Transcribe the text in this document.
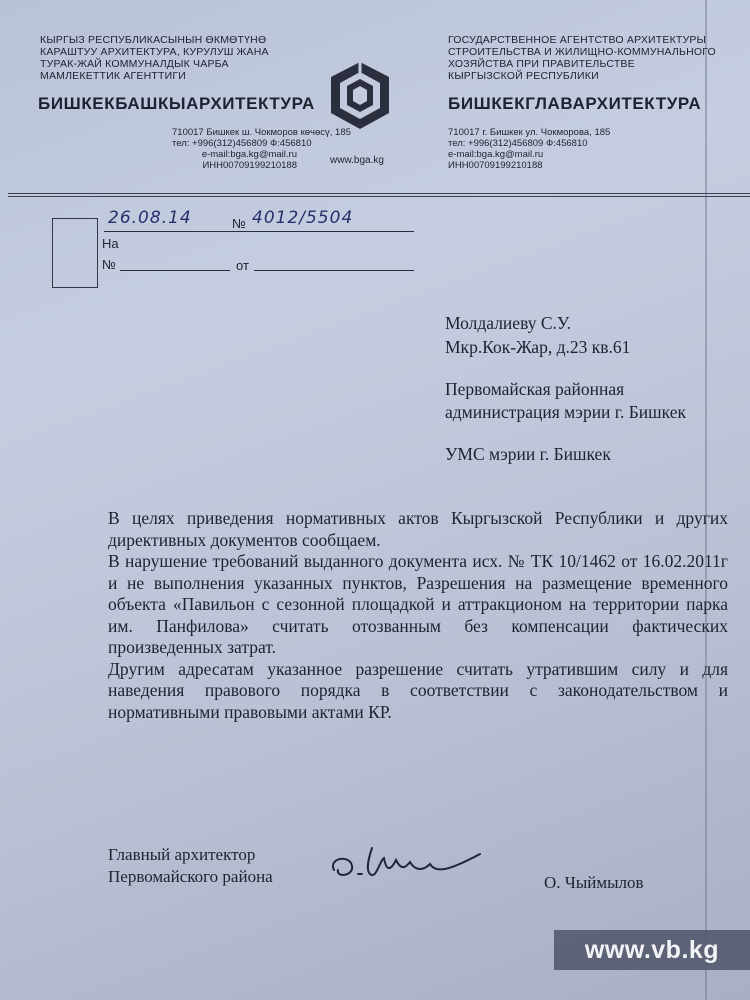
КЫРГЫЗ РЕСПУБЛИКАСЫНЫН ӨКМӨТҮНӨ
КАРАШТУУ АРХИТЕКТУРА, КУРУЛУШ ЖАНА
ТУРАК-ЖАЙ КОММУНАЛДЫК ЧАРБА
МАМЛЕКЕТТИК АГЕНТТИГИ
БИШКЕКБАШКЫАРХИТЕКТУРА
710017 Бишкек ш. Чокморов көчөсү, 185
тел: +996(312)456809 Ф:456810
e-mail:bga.kg@mail.ru
ИНН00709199210188	www.bga.kg
ГОСУДАРСТВЕННОЕ АГЕНТСТВО АРХИТЕКТУРЫ
СТРОИТЕЛЬСТВА И ЖИЛИЩНО-КОММУНАЛЬНОГО
ХОЗЯЙСТВА ПРИ ПРАВИТЕЛЬСТВЕ
КЫРГЫЗСКОЙ РЕСПУБЛИКИ
БИШКЕКГЛАВАРХИТЕКТУРА
710017 г. Бишкек ул. Чокморова, 185
тел: +996(312)456809 Ф:456810
e-mail:bga.kg@mail.ru
ИНН00709199210188
26.08.14	№ 4012/5504
На
№	от
Молдалиеву С.У.
Мкр.Кок-Жар, д.23 кв.61
Первомайская районная
администрация мэрии г. Бишкек
УМС мэрии г. Бишкек

В целях приведения нормативных актов Кыргызской Республики и других директивных документов сообщаем.

В нарушение требований выданного документа исх. № ТК 10/1462 от 16.02.2011г и не выполнения указанных пунктов, Разрешения на размещение временного объекта «Павильон с сезонной площадкой и аттракционом на территории парка им. Панфилова» считать отозванным без компенсации фактических произведенных затрат.

Другим адресатам указанное разрешение считать утратившим силу и для наведения правового порядка в соответствии с законодательством и нормативными правовыми актами КР.

Главный архитектор
Первомайского района	О. Чыймылов
www.vb.kg
